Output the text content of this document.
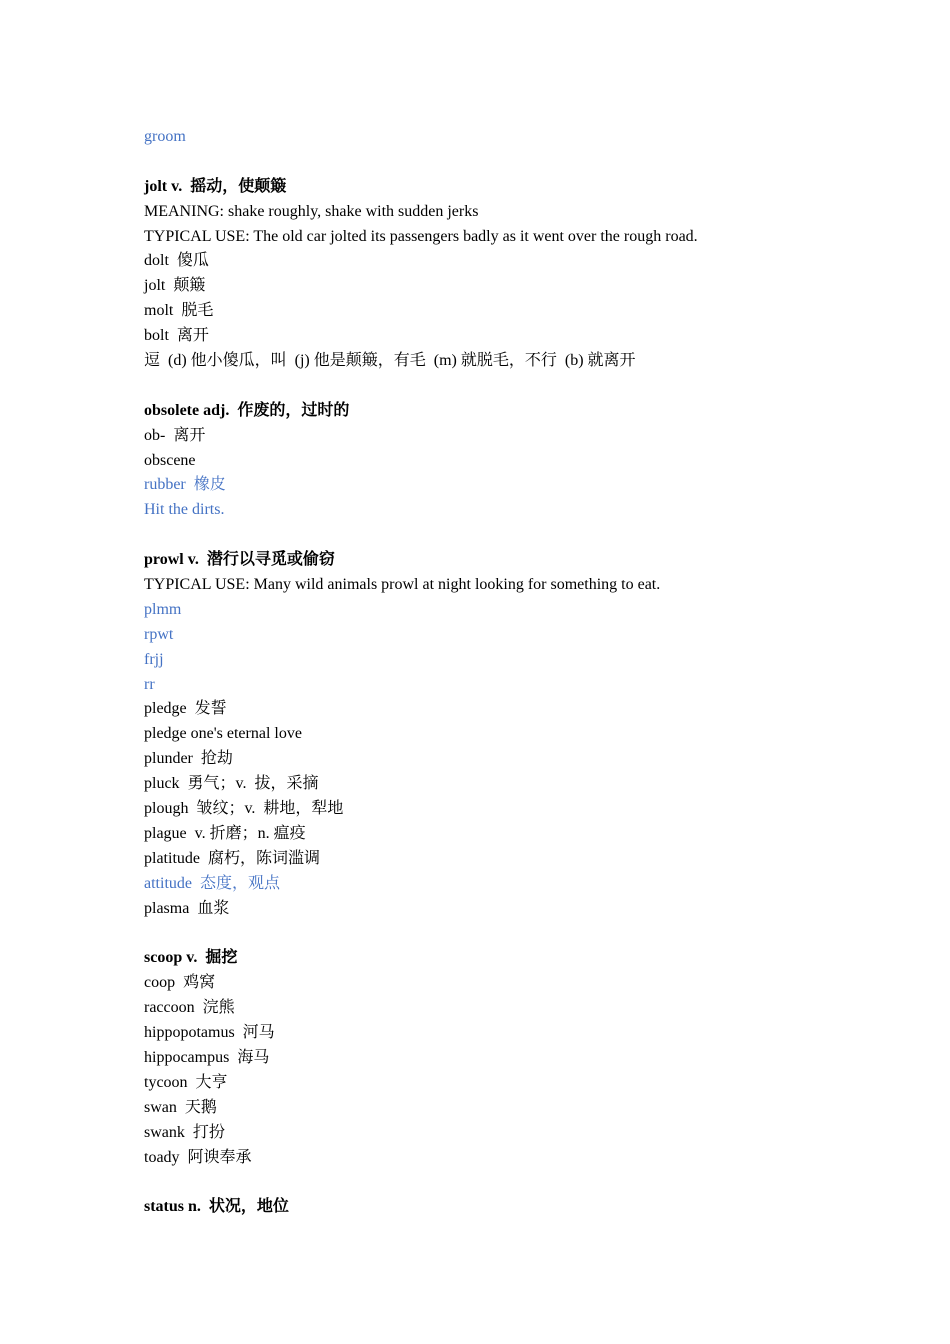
groom
jolt v.  摇动，使颠簸
MEANING: shake roughly, shake with sudden jerks
TYPICAL USE: The old car jolted its passengers badly as it went over the rough road.
dolt  傻瓜
jolt  颠簸
molt  脱毛
bolt  离开
逗  (d) 他小傻瓜，叫  (j) 他是颠簸，有毛  (m) 就脱毛，不行  (b) 就离开
obsolete adj.  作废的，过时的
ob-  离开
obscene
rubber  橡皮
Hit the dirts.
prowl v.  潜行以寻觅或偷窃
TYPICAL USE: Many wild animals prowl at night looking for something to eat.
plmm
rpwt
frjj
rr
pledge  发誓
pledge one's eternal love
plunder  抢劫
pluck  勇气；v.  拔，采摘
plough  皱纹；v.  耕地，犁地
plague  v. 折磨；n. 瘟疫
platitude  腐朽，陈词滥调
attitude  态度，观点
plasma  血浆
scoop v.  掘挖
coop  鸡窝
raccoon  浣熊
hippopotamus  河马
hippocampus  海马
tycoon  大亨
swan  天鹅
swank  打扮
toady  阿谀奉承
status n.  状况，地位
